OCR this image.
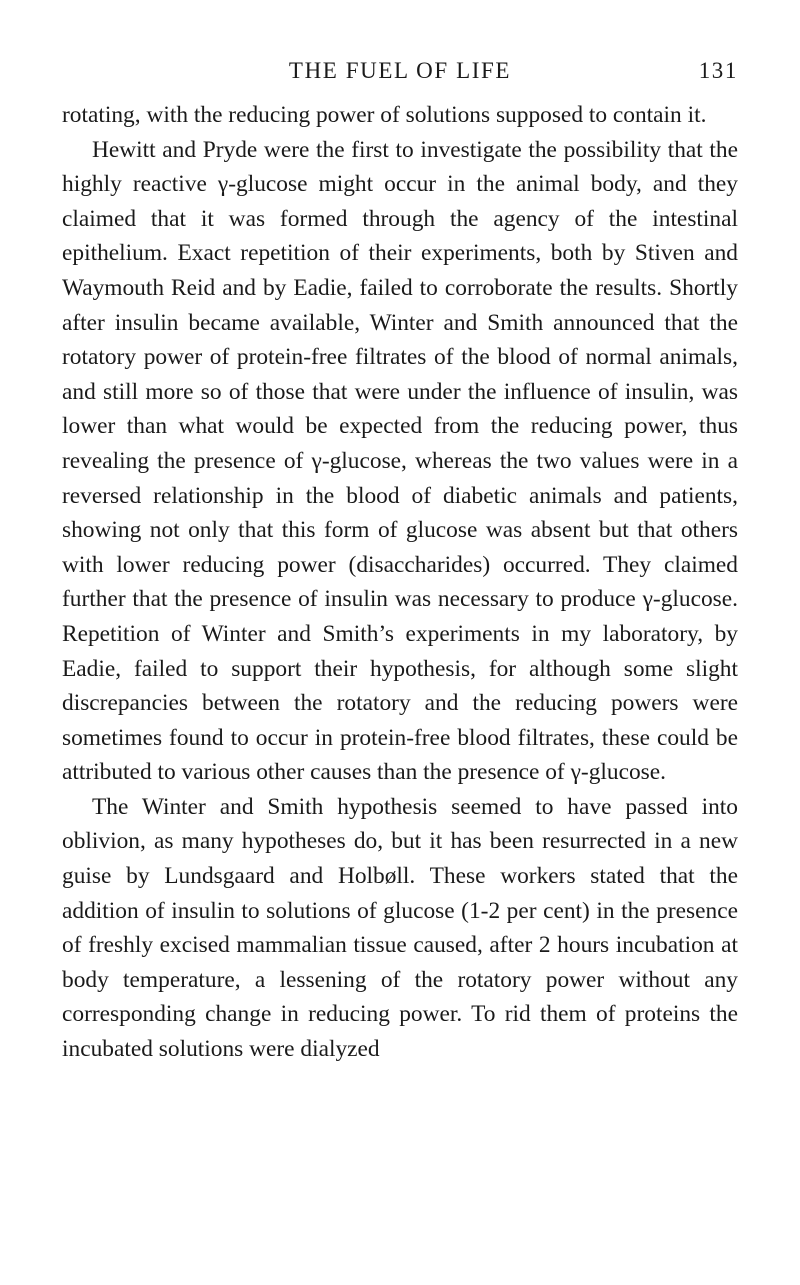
THE FUEL OF LIFE	131

rotating, with the reducing power of solutions supposed to contain it.

Hewitt and Pryde were the first to investigate the possibility that the highly reactive γ-glucose might occur in the animal body, and they claimed that it was formed through the agency of the intestinal epithelium. Exact repetition of their experiments, both by Stiven and Waymouth Reid and by Eadie, failed to corroborate the results. Shortly after insulin became available, Winter and Smith announced that the rotatory power of protein-free filtrates of the blood of normal animals, and still more so of those that were under the influence of insulin, was lower than what would be expected from the reducing power, thus revealing the presence of γ-glucose, whereas the two values were in a reversed relationship in the blood of diabetic animals and patients, showing not only that this form of glucose was absent but that others with lower reducing power (disaccharides) occurred. They claimed further that the presence of insulin was necessary to produce γ-glucose. Repetition of Winter and Smith’s experiments in my laboratory, by Eadie, failed to support their hypothesis, for although some slight discrepancies between the rotatory and the reducing powers were sometimes found to occur in protein-free blood filtrates, these could be attributed to various other causes than the presence of γ-glucose.

The Winter and Smith hypothesis seemed to have passed into oblivion, as many hypotheses do, but it has been resurrected in a new guise by Lundsgaard and Holbøll. These workers stated that the addition of insulin to solutions of glucose (1-2 per cent) in the presence of freshly excised mammalian tissue caused, after 2 hours incubation at body temperature, a lessening of the rotatory power without any corresponding change in reducing power. To rid them of proteins the incubated solutions were dialyzed
